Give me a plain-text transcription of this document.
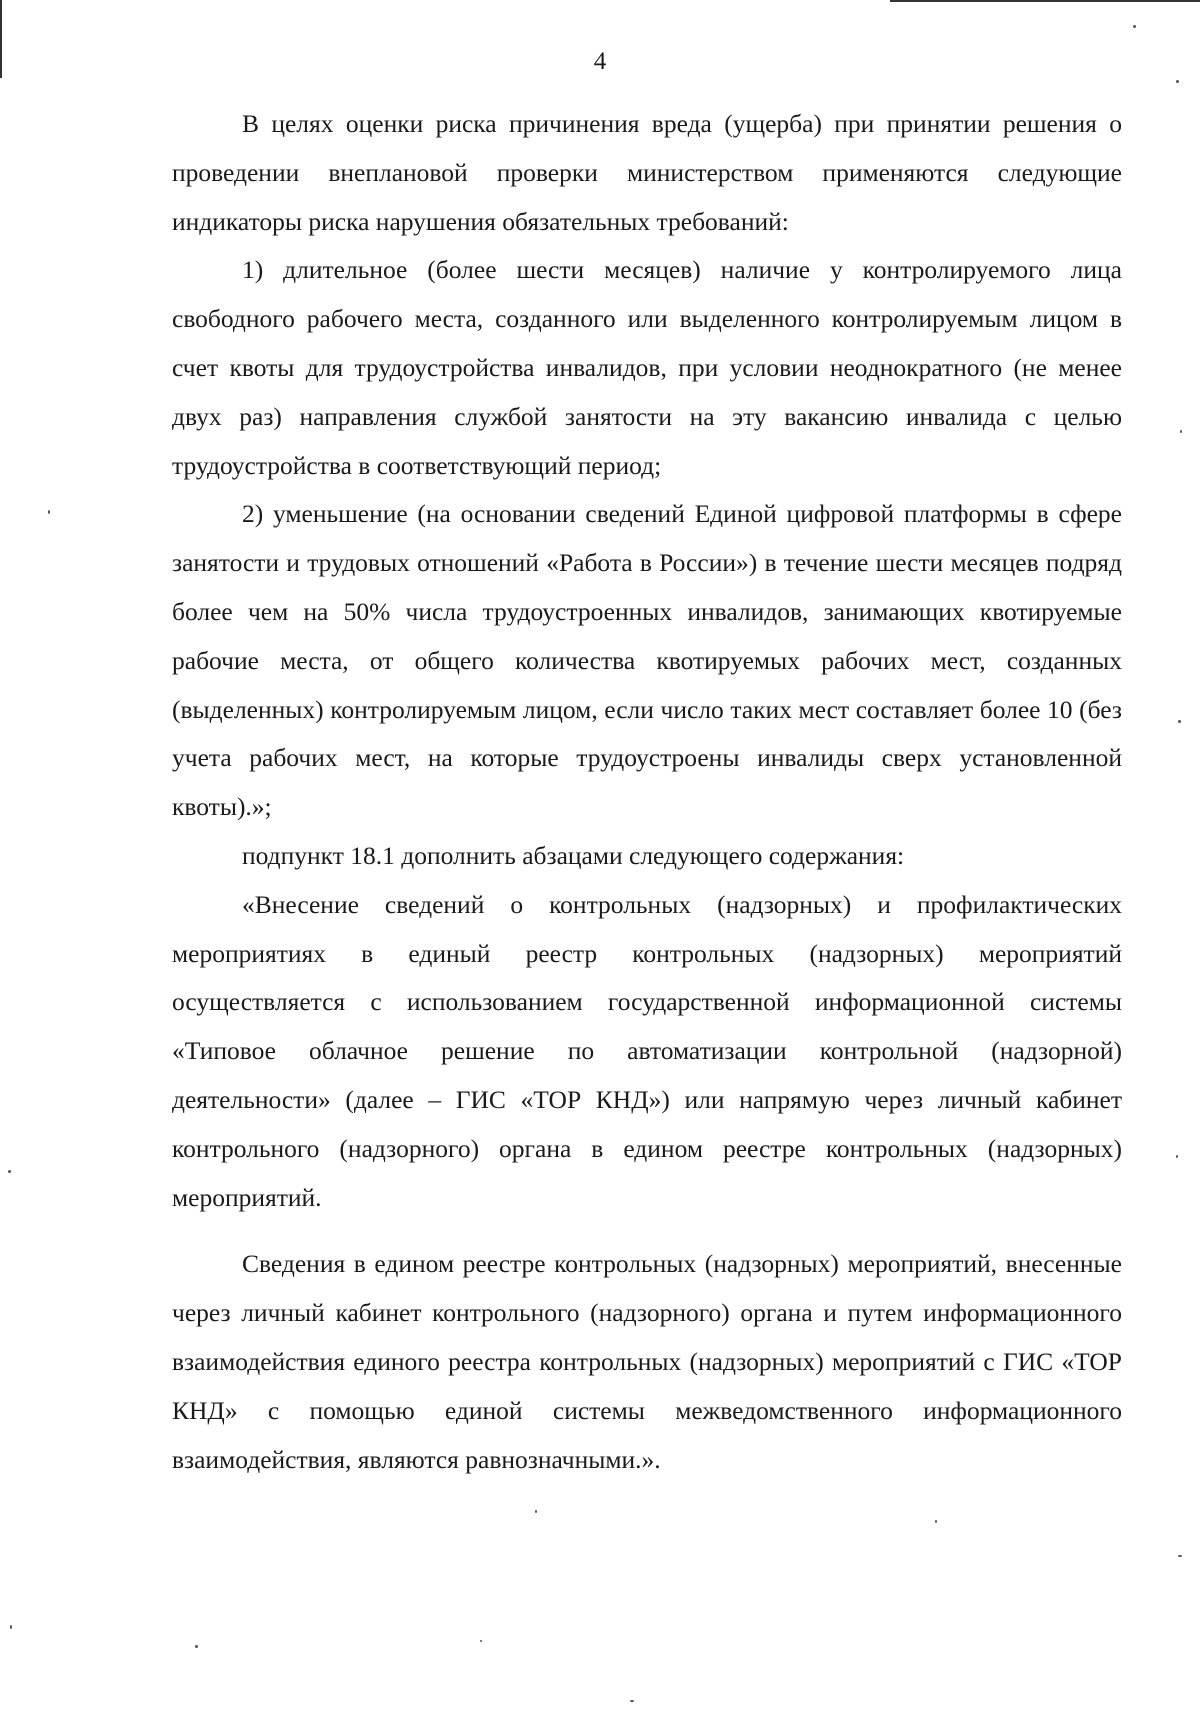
4

В целях оценки риска причинения вреда (ущерба) при принятии решения о проведении внеплановой проверки министерством применяются следующие индикаторы риска нарушения обязательных требований:

1) длительное (более шести месяцев) наличие у контролируемого лица свободного рабочего места, созданного или выделенного контролируемым лицом в счет квоты для трудоустройства инвалидов, при условии неоднократного (не менее двух раз) направления службой занятости на эту вакансию инвалида с целью трудоустройства в соответствующий период;

2) уменьшение (на основании сведений Единой цифровой платформы в сфере занятости и трудовых отношений «Работа в России») в течение шести месяцев подряд более чем на 50% числа трудоустроенных инвалидов, занимающих квотируемые рабочие места, от общего количества квотируемых рабочих мест, созданных (выделенных) контролируемым лицом, если число таких мест составляет более 10 (без учета рабочих мест, на которые трудоустроены инвалиды сверх установленной квоты).»;

подпункт 18.1 дополнить абзацами следующего содержания:

«Внесение сведений о контрольных (надзорных) и профилактических мероприятиях в единый реестр контрольных (надзорных) мероприятий осуществляется с использованием государственной информационной системы «Типовое облачное решение по автоматизации контрольной (надзорной) деятельности» (далее – ГИС «ТОР КНД») или напрямую через личный кабинет контрольного (надзорного) органа в едином реестре контрольных (надзорных) мероприятий.

Сведения в едином реестре контрольных (надзорных) мероприятий, внесенные через личный кабинет контрольного (надзорного) органа и путем информационного взаимодействия единого реестра контрольных (надзорных) мероприятий с ГИС «ТОР КНД» с помощью единой системы межведомственного информационного взаимодействия, являются равнозначными.».
